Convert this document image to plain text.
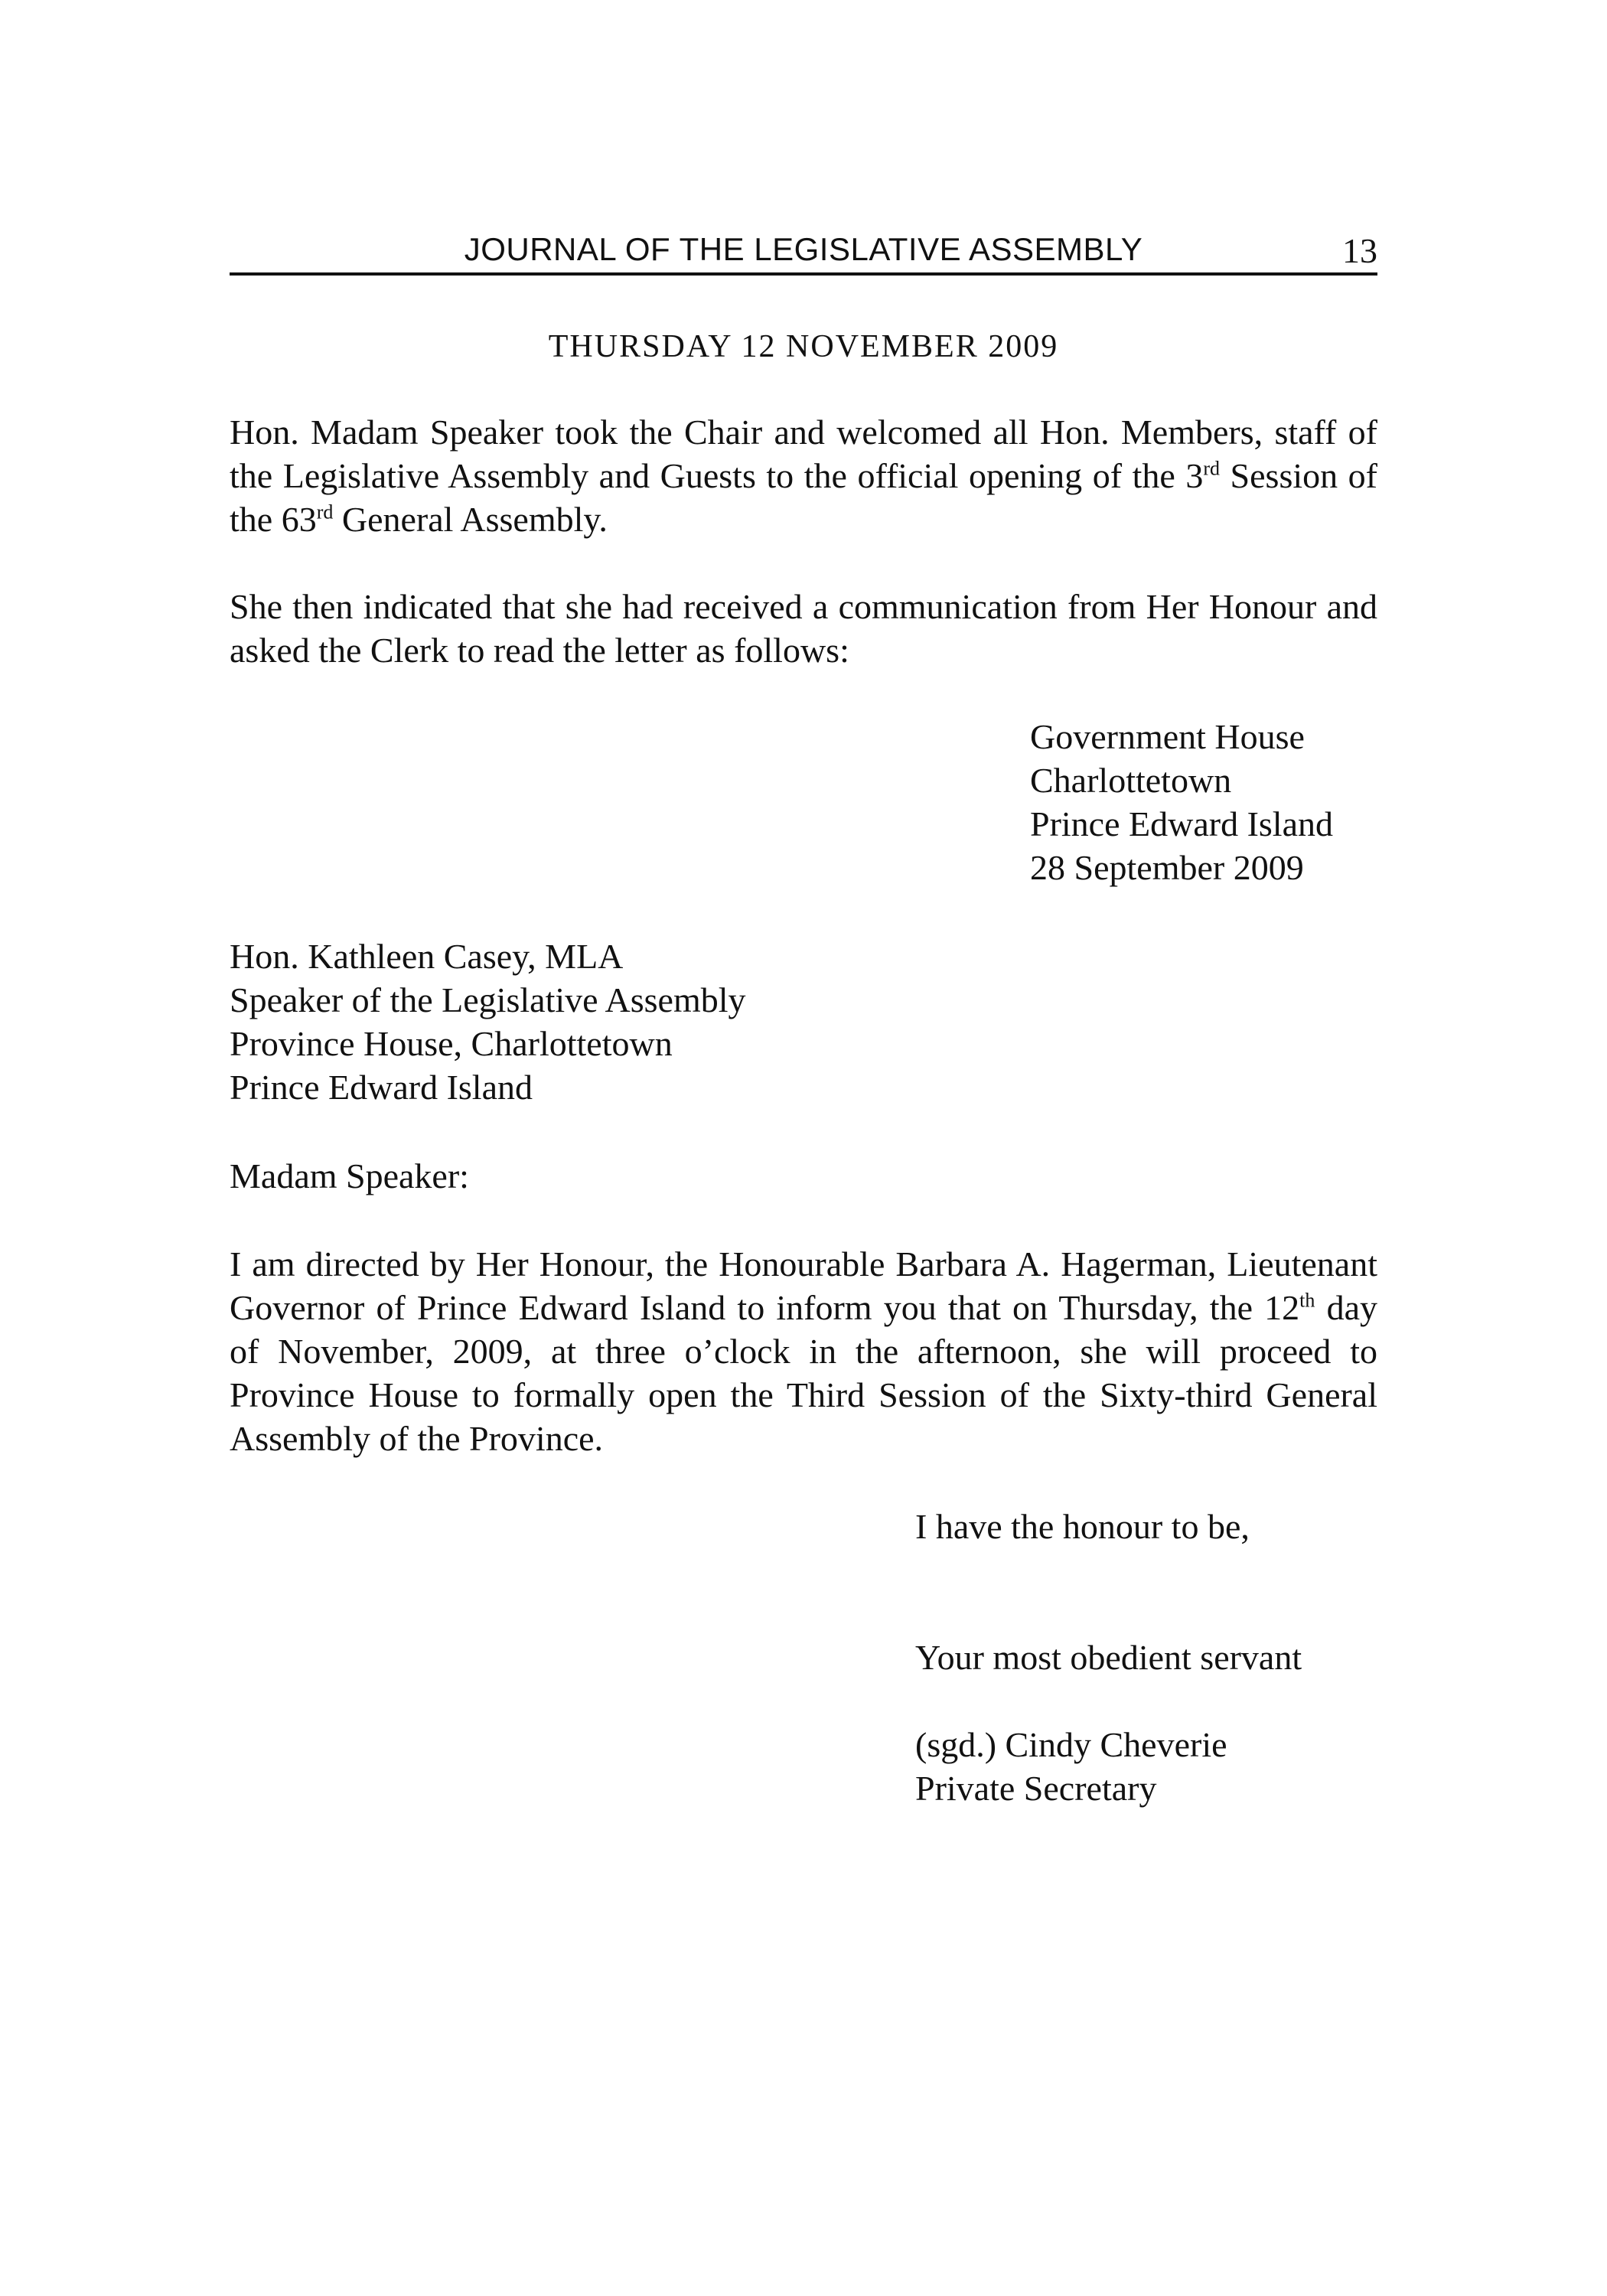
JOURNAL OF THE LEGISLATIVE ASSEMBLY	13
THURSDAY 12 NOVEMBER 2009

Hon. Madam Speaker took the Chair and welcomed all Hon. Members, staff of the Legislative Assembly and Guests to the official opening of the 3rd Session of the 63rd General Assembly.

She then indicated that she had received a communication from Her Honour and asked the Clerk to read the letter as follows:

Government House
Charlottetown
Prince Edward Island
28 September 2009
Hon. Kathleen Casey, MLA
Speaker of the Legislative Assembly
Province House, Charlottetown
Prince Edward Island
Madam Speaker:

I am directed by Her Honour, the Honourable Barbara A. Hagerman, Lieutenant Governor of Prince Edward Island to inform you that on Thursday, the 12th day of November, 2009, at three o’clock in the afternoon, she will proceed to Province House to formally open the Third Session of the Sixty-third General Assembly of the Province.

I have the honour to be,
Your most obedient servant
(sgd.) Cindy Cheverie
Private Secretary
